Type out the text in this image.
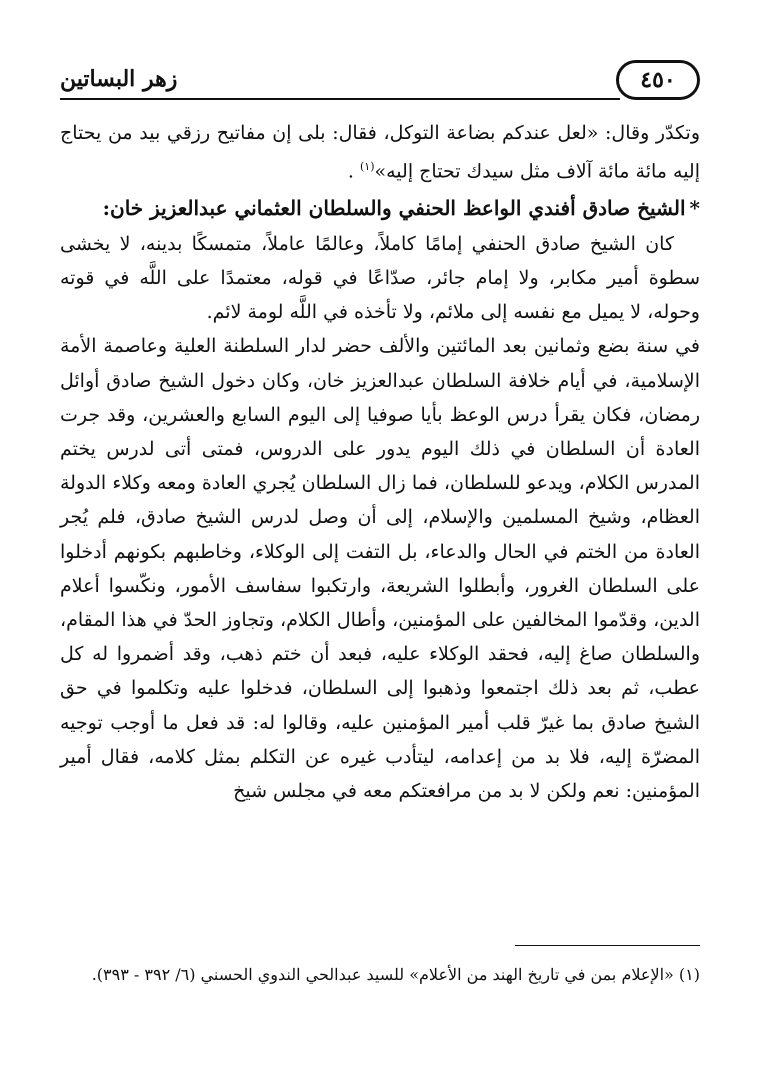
زهر البساتين	٤٥٠

وتكدّر وقال: «لعل عندكم بضاعة التوكل، فقال: بلى إن مفاتيح رزقي بيد من يحتاج إليه مائة مائة آلاف مثل سيدك تحتاج إليه»$^{(١)}$ .

*الشيخ صادق أفندي الواعظ الحنفي والسلطان العثماني عبدالعزيز خان:

كان الشيخ صادق الحنفي إمامًا كاملاً، وعالمًا عاملاً، متمسكًا بدينه، لا يخشى سطوة أمير مكابر، ولا إمام جائر، صدّاعًا في قوله، معتمدًا على اللَّه في قوته وحوله، لا يميل مع نفسه إلى ملائم، ولا تأخذه في اللَّه لومة لائم.

في سنة بضع وثمانين بعد المائتين والألف حضر لدار السلطنة العلية وعاصمة الأمة الإسلامية، في أيام خلافة السلطان عبدالعزيز خان، وكان دخول الشيخ صادق أوائل رمضان، فكان يقرأ درس الوعظ بأيا صوفيا إلى اليوم السابع والعشرين، وقد جرت العادة أن السلطان في ذلك اليوم يدور على الدروس، فمتى أتى لدرس يختم المدرس الكلام، ويدعو للسلطان، فما زال السلطان يُجري العادة ومعه وكلاء الدولة العظام، وشيخ المسلمين والإسلام، إلى أن وصل لدرس الشيخ صادق، فلم يُجر العادة من الختم في الحال والدعاء، بل التفت إلى الوكلاء، وخاطبهم بكونهم أدخلوا على السلطان الغرور، وأبطلوا الشريعة، وارتكبوا سفاسف الأمور، ونكّسوا أعلام الدين، وقدّموا المخالفين على المؤمنين، وأطال الكلام، وتجاوز الحدّ في هذا المقام، والسلطان صاغ إليه، فحقد الوكلاء عليه، فبعد أن ختم ذهب، وقد أضمروا له كل عطب، ثم بعد ذلك اجتمعوا وذهبوا إلى السلطان، فدخلوا عليه وتكلموا في حق الشيخ صادق بما غيرّ قلب أمير المؤمنين عليه، وقالوا له: قد فعل ما أوجب توجيه المضرّة إليه، فلا بد من إعدامه، ليتأدب غيره عن التكلم بمثل كلامه، فقال أمير المؤمنين: نعم ولكن لا بد من مرافعتكم معه في مجلس شيخ

(١) «الإعلام بمن في تاريخ الهند من الأعلام» للسيد عبدالحي الندوي الحسني (٦/ ٣٩٢ - ٣٩٣).
